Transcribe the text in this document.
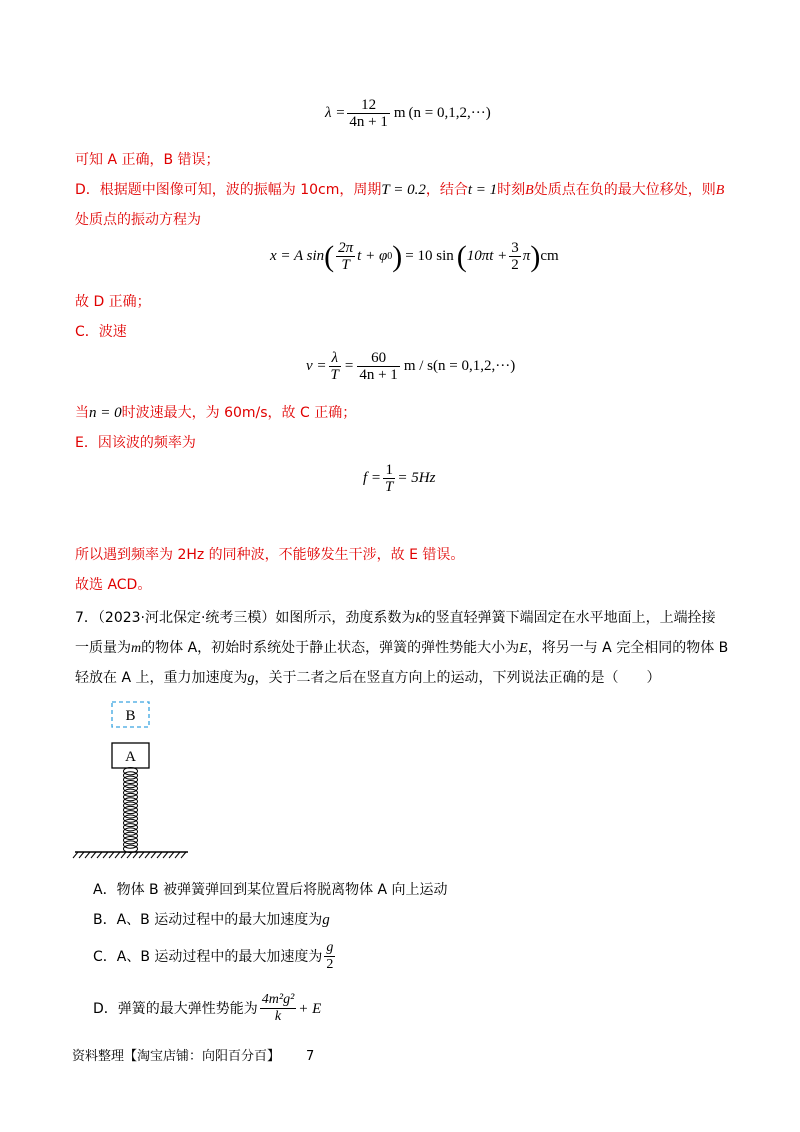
$\lambda = \frac{12}{4n + 1}$ m (n = 0,1,2,···)
可知 A 正确，B 错误；
D．根据题中图像可知，波的振幅为 10cm，周期T = 0.2，结合t = 1时刻B处质点在负的最大位移处，则B
处质点的振动方程为
x = A sin ( $\frac{2\pi}{T}$ t + φ 0 ) = 10 sin ( $10\pi t + \frac{3}{2}$ π ) cm
故 D 正确；
C．波速
$v = \frac{\lambda}{T} = \frac{60}{4n + 1}$ m / s (n = 0,1,2,···)
当n = 0时波速最大，为 60m/s，故 C 正确；
E．因该波的频率为
$f = \frac{1}{T} = 5Hz$
所以遇到频率为 2Hz 的同种波，不能够发生干涉，故 E 错误。
故选 ACD。
7．（2023·河北保定·统考三模）如图所示，劲度系数为k的竖直轻弹簧下端固定在水平地面上，上端拴接
一质量为m的物体 A，初始时系统处于静止状态，弹簧的弹性势能大小为E，将另一与 A 完全相同的物体 B
轻放在 A 上，重力加速度为g，关于二者之后在竖直方向上的运动，下列说法正确的是（　　）
B
A
A．物体 B 被弹簧弹回到某位置后将脱离物体 A 向上运动
B．A、B 运动过程中的最大加速度为g
C．A、B 运动过程中的最大加速度为 $\frac{g}{2}$
D．弹簧的最大弹性势能为 $\frac{\text{4m²g²}}{k} + E$
资料整理【淘宝店铺：向阳百分百】 7
